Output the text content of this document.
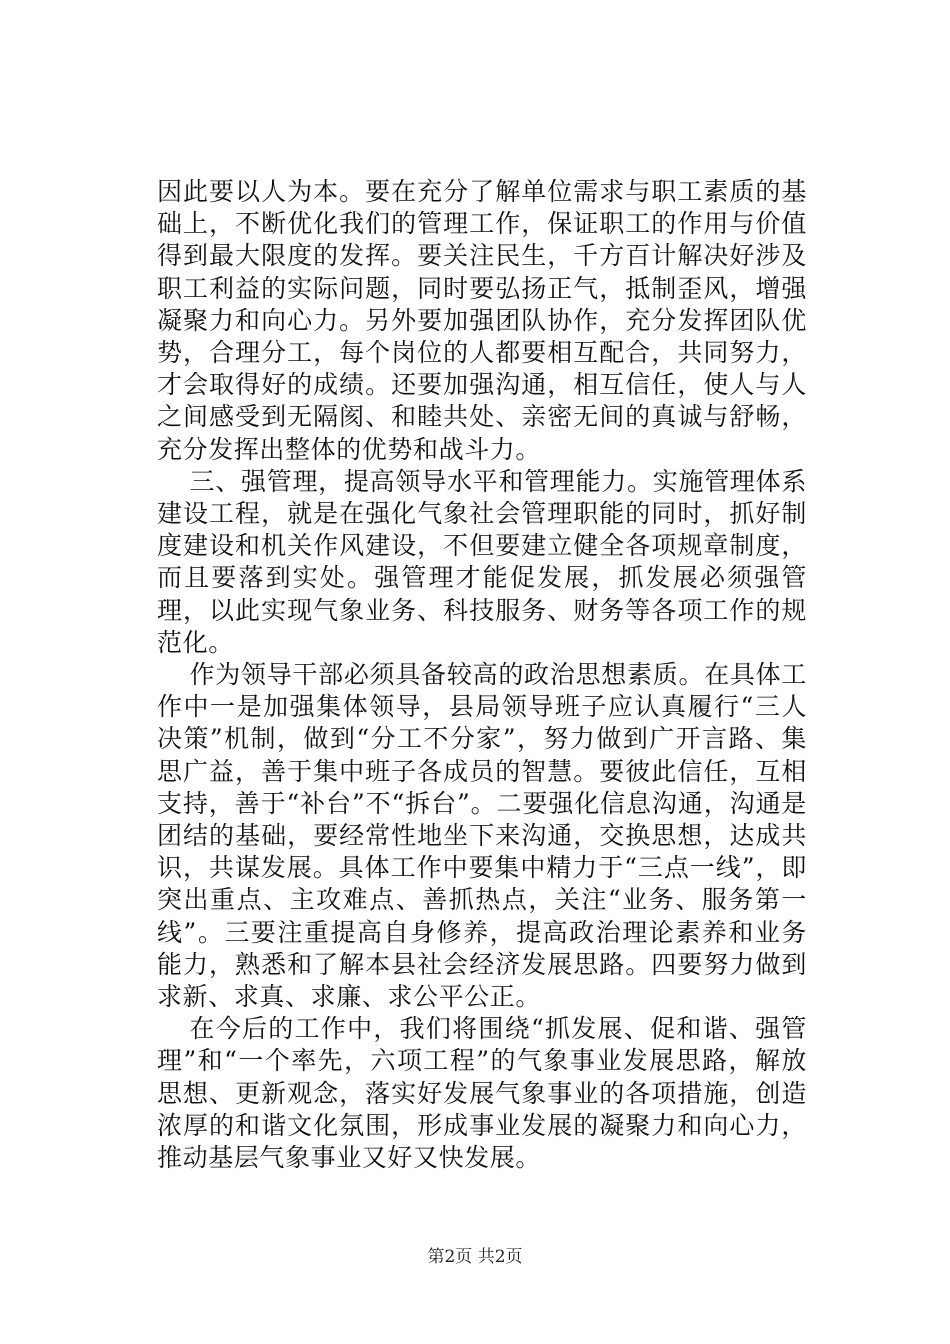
因此要以人为本。要在充分了解单位需求与职工素质的基础上，不断优化我们的管理工作，保证职工的作用与价值得到最大限度的发挥。要关注民生，千方百计解决好涉及职工利益的实际问题，同时要弘扬正气，抵制歪风，增强凝聚力和向心力。另外要加强团队协作，充分发挥团队优势，合理分工，每个岗位的人都要相互配合，共同努力，才会取得好的成绩。还要加强沟通，相互信任，使人与人之间感受到无隔阂、和睦共处、亲密无间的真诚与舒畅，充分发挥出整体的优势和战斗力。

三、强管理，提高领导水平和管理能力。实施管理体系建设工程，就是在强化气象社会管理职能的同时，抓好制度建设和机关作风建设，不但要建立健全各项规章制度，而且要落到实处。强管理才能促发展，抓发展必须强管理，以此实现气象业务、科技服务、财务等各项工作的规范化。

作为领导干部必须具备较高的政治思想素质。在具体工作中一是加强集体领导，县局领导班子应认真履行“三人决策”机制，做到“分工不分家”，努力做到广开言路、集思广益，善于集中班子各成员的智慧。要彼此信任，互相支持，善于“补台”不“拆台”。二要强化信息沟通，沟通是团结的基础，要经常性地坐下来沟通，交换思想，达成共识，共谋发展。具体工作中要集中精力于“三点一线”，即突出重点、主攻难点、善抓热点，关注“业务、服务第一线”。三要注重提高自身修养，提高政治理论素养和业务能力，熟悉和了解本县社会经济发展思路。四要努力做到求新、求真、求廉、求公平公正。

在今后的工作中，我们将围绕“抓发展、促和谐、强管理”和“一个率先，六项工程”的气象事业发展思路，解放思想、更新观念，落实好发展气象事业的各项措施，创造浓厚的和谐文化氛围，形成事业发展的凝聚力和向心力，推动基层气象事业又好又快发展。

第2页 共2页
